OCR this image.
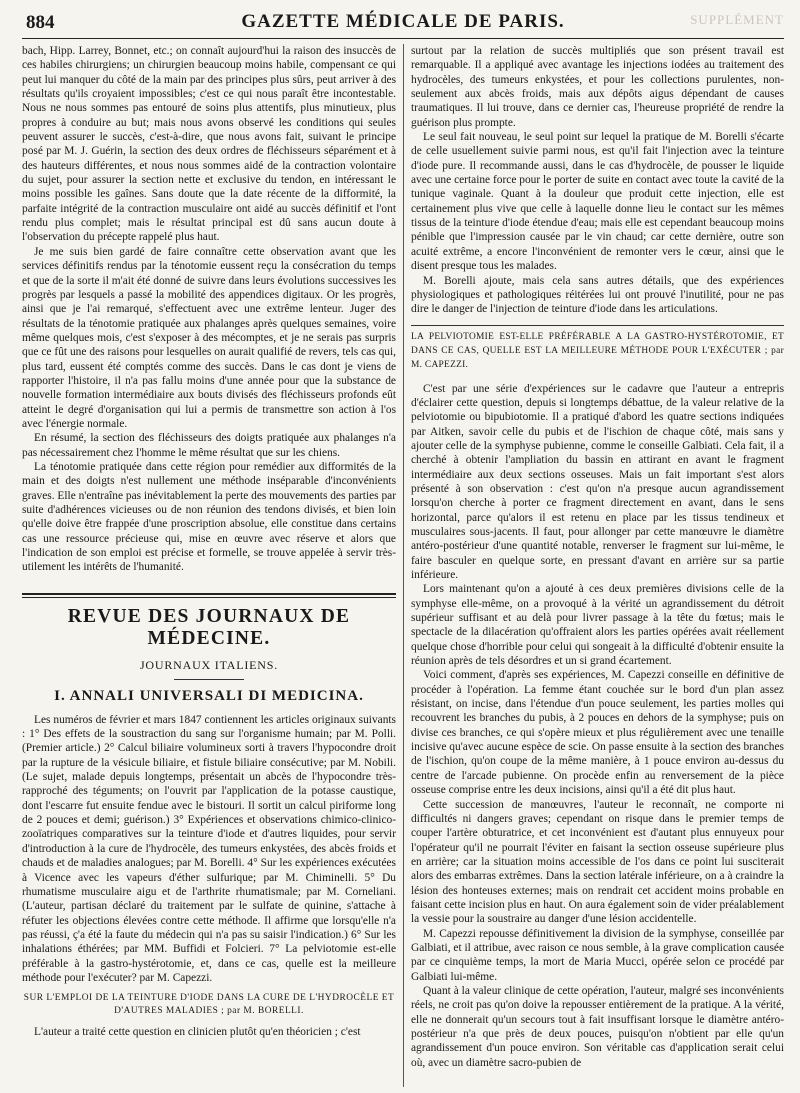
884	GAZETTE MÉDICALE DE PARIS.	SUPPLÉMENT

bach, Hipp. Larrey, Bonnet, etc.; on connaît aujourd'hui la raison des insuccès de ces habiles chirurgiens; un chirurgien beaucoup moins habile, compensant ce qui peut lui manquer du côté de la main par des principes plus sûrs, peut arriver à des résultats qu'ils croyaient impossibles; c'est ce qui nous paraît être incontestable. Nous ne nous sommes pas entouré de soins plus attentifs, plus minutieux, plus propres à conduire au but; mais nous avons observé les conditions qui seules peuvent assurer le succès, c'est-à-dire, que nous avons fait, suivant le principe posé par M. J. Guérin, la section des deux ordres de fléchisseurs séparément et à des hauteurs différentes, et nous nous sommes aidé de la contraction volontaire du sujet, pour assurer la section nette et exclusive du tendon, en intéressant le moins possible les gaînes. Sans doute que la date récente de la difformité, la parfaite intégrité de la contraction musculaire ont aidé au succès définitif et l'ont rendu plus complet; mais le résultat principal est dû sans aucun doute à l'observation du précepte rappelé plus haut.

Je me suis bien gardé de faire connaître cette observation avant que les services définitifs rendus par la ténotomie eussent reçu la consécration du temps et que de la sorte il m'ait été donné de suivre dans leurs évolutions successives les progrès par lesquels a passé la mobilité des appendices digitaux. Or les progrès, ainsi que je l'ai remarqué, s'effectuent avec une extrême lenteur. Juger des résultats de la ténotomie pratiquée aux phalanges après quelques semaines, voire même quelques mois, c'est s'exposer à des mécomptes, et je ne serais pas surpris que ce fût une des raisons pour lesquelles on aurait qualifié de revers, tels cas qui, plus tard, eussent été comptés comme des succès. Dans le cas dont je viens de rapporter l'histoire, il n'a pas fallu moins d'une année pour que la substance de nouvelle formation intermédiaire aux bouts divisés des fléchisseurs profonds eût atteint le degré d'organisation qui lui a permis de transmettre son action à l'os avec l'énergie normale.

En résumé, la section des fléchisseurs des doigts pratiquée aux phalanges n'a pas nécessairement chez l'homme le même résultat que sur les chiens.

La ténotomie pratiquée dans cette région pour remédier aux difformités de la main et des doigts n'est nullement une méthode inséparable d'inconvénients graves. Elle n'entraîne pas inévitablement la perte des mouvements des parties par suite d'adhérences vicieuses ou de non réunion des tendons divisés, et bien loin qu'elle doive être frappée d'une proscription absolue, elle constitue dans certains cas une ressource précieuse qui, mise en œuvre avec réserve et alors que l'indication de son emploi est précise et formelle, se trouve appelée à servir très-utilement les intérêts de l'humanité.

REVUE DES JOURNAUX DE MÉDECINE.
JOURNAUX ITALIENS.
I. ANNALI UNIVERSALI DI MEDICINA.

Les numéros de février et mars 1847 contiennent les articles originaux suivants : 1° Des effets de la soustraction du sang sur l'organisme humain; par M. Polli. (Premier article.) 2° Calcul biliaire volumineux sorti à travers l'hypocondre droit par la rupture de la vésicule biliaire, et fistule biliaire consécutive; par M. Nobili. (Le sujet, malade depuis longtemps, présentait un abcès de l'hypocondre très-rapproché des téguments; on l'ouvrit par l'application de la potasse caustique, dont l'escarre fut ensuite fendue avec le bistouri. Il sortit un calcul piriforme long de 2 pouces et demi; guérison.) 3° Expériences et observations chimico-clinico-zooïatriques comparatives sur la teinture d'iode et d'autres liquides, pour servir d'introduction à la cure de l'hydrocèle, des tumeurs enkystées, des abcès froids et chauds et de maladies analogues; par M. Borelli. 4° Sur les expériences exécutées à Vicence avec les vapeurs d'éther sulfurique; par M. Chiminelli. 5° Du rhumatisme musculaire aigu et de l'arthrite rhumatismale; par M. Corneliani. (L'auteur, partisan déclaré du traitement par le sulfate de quinine, s'attache à réfuter les objections élevées contre cette méthode. Il affirme que lorsqu'elle n'a pas réussi, ç'a été la faute du médecin qui n'a pas su saisir l'indication.) 6° Sur les inhalations éthérées; par MM. Buffidi et Folcieri. 7° La pelviotomie est-elle préférable à la gastro-hystérotomie, et, dans ce cas, quelle est la meilleure méthode pour l'exécuter? par M. Capezzi.

SUR L'EMPLOI DE LA TEINTURE D'IODE DANS LA CURE DE L'HYDROCÈLE ET D'AUTRES MALADIES ; par M. BORELLI.

L'auteur a traité cette question en clinicien plutôt qu'en théoricien ; c'est

surtout par la relation de succès multipliés que son présent travail est remarquable. Il a appliqué avec avantage les injections iodées au traitement des hydrocèles, des tumeurs enkystées, et pour les collections purulentes, non-seulement aux abcès froids, mais aux dépôts aigus dépendant de causes traumatiques. Il lui trouve, dans ce dernier cas, l'heureuse propriété de rendre la guérison plus prompte.

Le seul fait nouveau, le seul point sur lequel la pratique de M. Borelli s'écarte de celle usuellement suivie parmi nous, est qu'il fait l'injection avec la teinture d'iode pure. Il recommande aussi, dans le cas d'hydrocèle, de pousser le liquide avec une certaine force pour le porter de suite en contact avec toute la cavité de la tunique vaginale. Quant à la douleur que produit cette injection, elle est certainement plus vive que celle à laquelle donne lieu le contact sur les mêmes tissus de la teinture d'iode étendue d'eau; mais elle est cependant beaucoup moins pénible que l'impression causée par le vin chaud; car cette dernière, outre son acuité extrême, a encore l'inconvénient de remonter vers le cœur, ainsi que le disent presque tous les malades.

M. Borelli ajoute, mais cela sans autres détails, que des expériences physiologiques et pathologiques réitérées lui ont prouvé l'inutilité, pour ne pas dire le danger de l'injection de teinture d'iode dans les articulations.

LA PELVIOTOMIE EST-ELLE PRÉFÉRABLE A LA GASTRO-HYSTÉROTOMIE, ET DANS CE CAS, QUELLE EST LA MEILLEURE MÉTHODE POUR L'EXÉCUTER ; par M. CAPEZZI.

C'est par une série d'expériences sur le cadavre que l'auteur a entrepris d'éclairer cette question, depuis si longtemps débattue, de la valeur relative de la pelviotomie ou bipubiotomie. Il a pratiqué d'abord les quatre sections indiquées par Aitken, savoir celle du pubis et de l'ischion de chaque côté, mais sans y ajouter celle de la symphyse pubienne, comme le conseille Galbiati. Cela fait, il a cherché à obtenir l'ampliation du bassin en attirant en avant le fragment intermédiaire aux deux sections osseuses. Mais un fait important s'est alors présenté à son observation : c'est qu'on n'a presque aucun agrandissement lorsqu'on cherche à porter ce fragment directement en avant, dans le sens horizontal, parce qu'alors il est retenu en place par les tissus tendineux et musculaires sous-jacents. Il faut, pour allonger par cette manœuvre le diamètre antéro-postérieur d'une quantité notable, renverser le fragment sur lui-même, le faire basculer en quelque sorte, en pressant d'avant en arrière sur sa partie inférieure.

Lors maintenant qu'on a ajouté à ces deux premières divisions celle de la symphyse elle-même, on a provoqué à la vérité un agrandissement du détroit supérieur suffisant et au delà pour livrer passage à la tête du fœtus; mais le spectacle de la dilacération qu'offraient alors les parties opérées avait réellement quelque chose d'horrible pour celui qui songeait à la difficulté d'obtenir ensuite la réunion après de tels désordres et un si grand écartement.

Voici comment, d'après ses expériences, M. Capezzi conseille en définitive de procéder à l'opération. La femme étant couchée sur le bord d'un plan assez résistant, on incise, dans l'étendue d'un pouce seulement, les parties molles qui recouvrent les branches du pubis, à 2 pouces en dehors de la symphyse; puis on divise ces branches, ce qui s'opère mieux et plus régulièrement avec une tenaille incisive qu'avec aucune espèce de scie. On passe ensuite à la section des branches de l'ischion, qu'on coupe de la même manière, à 1 pouce environ au-dessus du centre de l'arcade pubienne. On procède enfin au renversement de la pièce osseuse comprise entre les deux incisions, ainsi qu'il a été dit plus haut.

Cette succession de manœuvres, l'auteur le reconnaît, ne comporte ni difficultés ni dangers graves; cependant on risque dans le premier temps de couper l'artère obturatrice, et cet inconvénient est d'autant plus ennuyeux pour l'opérateur qu'il ne pourrait l'éviter en faisant la section osseuse supérieure plus en arrière; car la situation moins accessible de l'os dans ce point lui susciterait alors des embarras extrêmes. Dans la section latérale inférieure, on a à craindre la lésion des honteuses externes; mais on rendrait cet accident moins probable en faisant cette incision plus en haut. On aura également soin de vider préalablement la vessie pour la soustraire au danger d'une lésion accidentelle.

M. Capezzi repousse définitivement la division de la symphyse, conseillée par Galbiati, et il attribue, avec raison ce nous semble, à la grave complication causée par ce cinquième temps, la mort de Maria Mucci, opérée selon ce procédé par Galbiati lui-même.

Quant à la valeur clinique de cette opération, l'auteur, malgré ses inconvénients réels, ne croit pas qu'on doive la repousser entièrement de la pratique. A la vérité, elle ne donnerait qu'un secours tout à fait insuffisant lorsque le diamètre antéro-postérieur n'a que près de deux pouces, puisqu'on n'obtient par elle qu'un agrandissement d'un pouce environ. Son véritable cas d'application serait celui où, avec un diamètre sacro-pubien de
